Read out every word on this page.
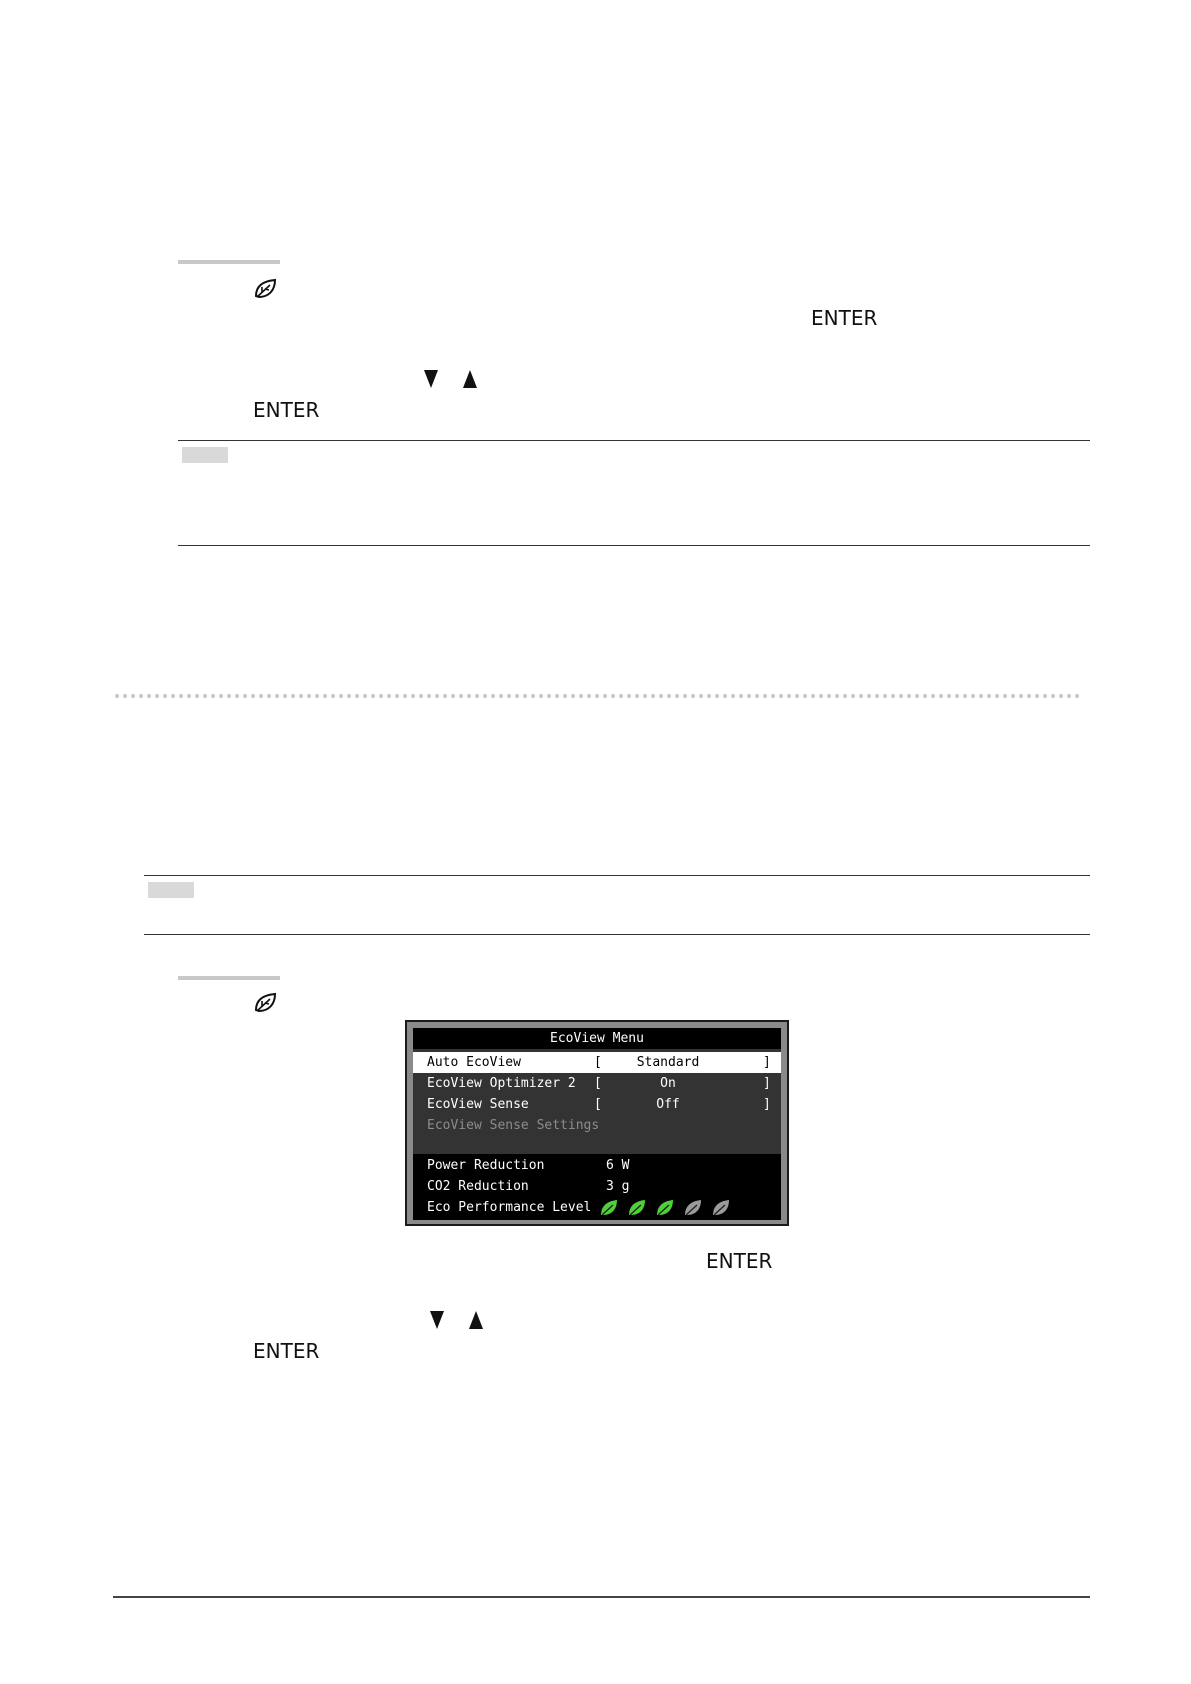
ENTER
ENTER
EcoView Menu
Auto EcoView	[	Standard	]
EcoView Optimizer 2 [	On	]
EcoView Sense	[	Off	]
EcoView Sense Settings
Power Reduction	6 W
CO2 Reduction	3 g
Eco Performance Level
ENTER
ENTER
